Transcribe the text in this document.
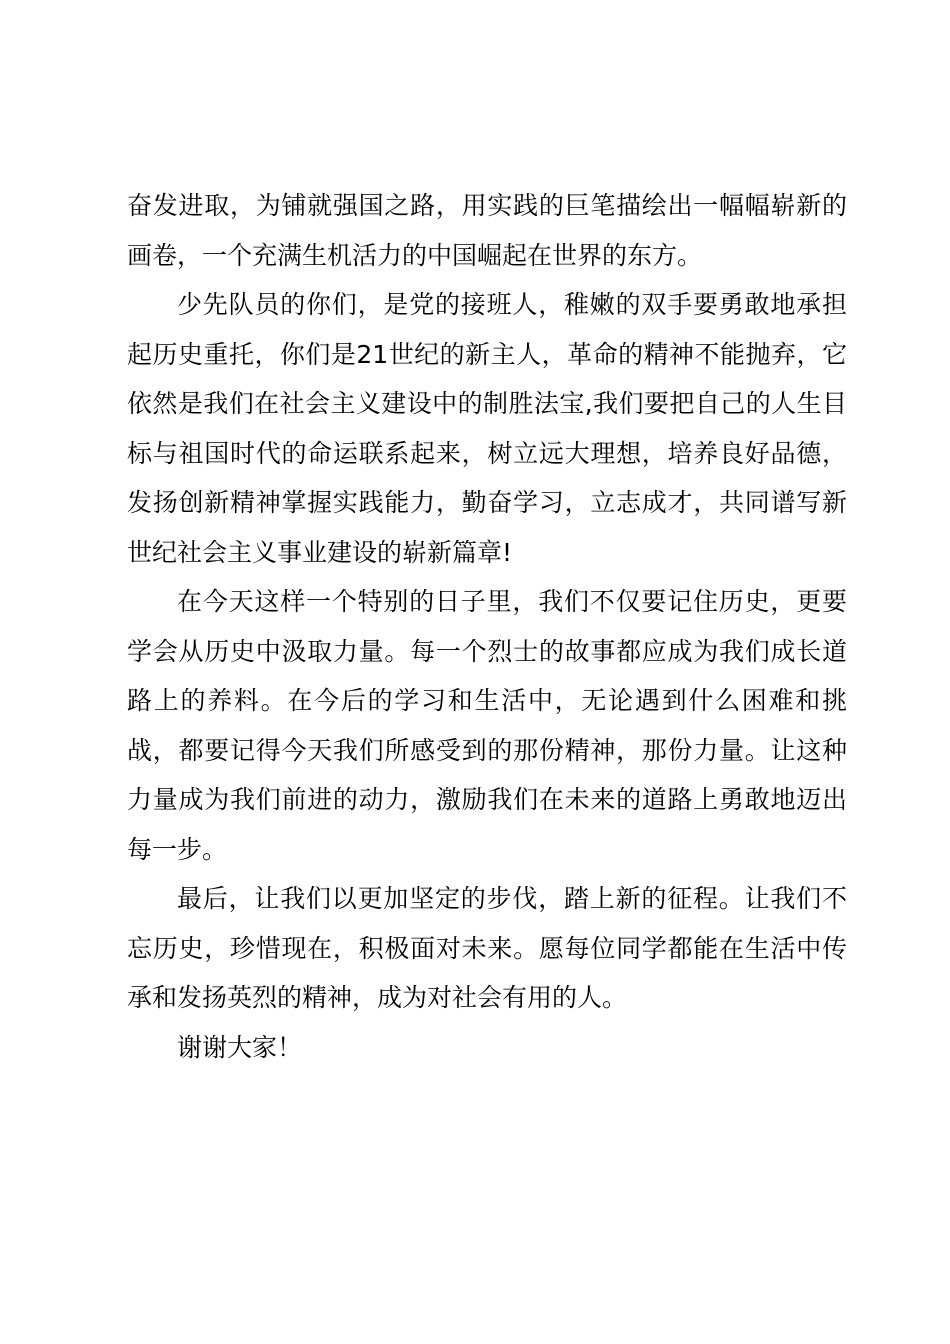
奋发进取，为铺就强国之路，用实践的巨笔描绘出一幅幅崭新的画卷，一个充满生机活力的中国崛起在世界的东方。

少先队员的你们，是党的接班人，稚嫩的双手要勇敢地承担起历史重托，你们是21世纪的新主人，革命的精神不能抛弃，它依然是我们在社会主义建设中的制胜法宝,我们要把自己的人生目标与祖国时代的命运联系起来，树立远大理想，培养良好品德，发扬创新精神掌握实践能力，勤奋学习，立志成才，共同谱写新世纪社会主义事业建设的崭新篇章!

在今天这样一个特别的日子里，我们不仅要记住历史，更要学会从历史中汲取力量。每一个烈士的故事都应成为我们成长道路上的养料。在今后的学习和生活中，无论遇到什么困难和挑战，都要记得今天我们所感受到的那份精神，那份力量。让这种力量成为我们前进的动力，激励我们在未来的道路上勇敢地迈出每一步。

最后，让我们以更加坚定的步伐，踏上新的征程。让我们不忘历史，珍惜现在，积极面对未来。愿每位同学都能在生活中传承和发扬英烈的精神，成为对社会有用的人。

谢谢大家！
